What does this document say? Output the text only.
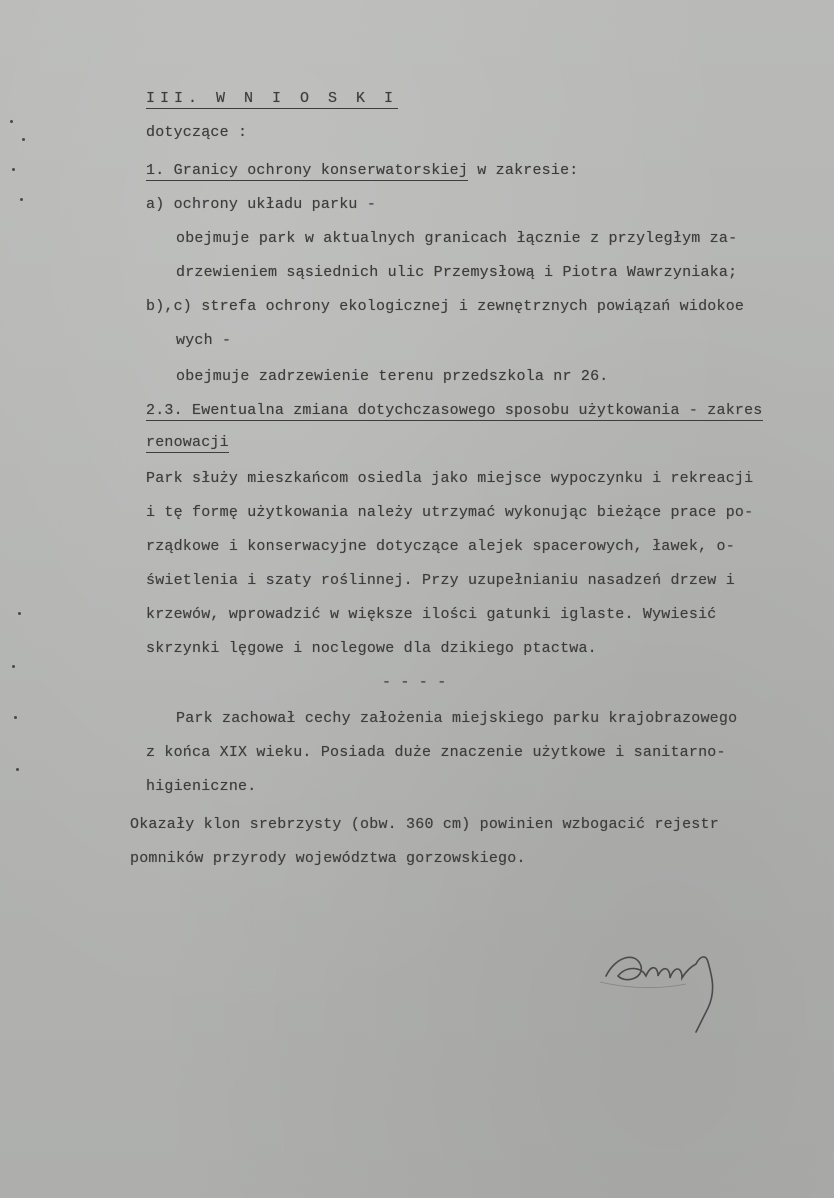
III. W N I O S K I
dotyczące :
1. Granicy ochrony konserwatorskiej w zakresie:
a) ochrony układu parku -
obejmuje park w aktualnych granicach łącznie z przyległym za-
drzewieniem sąsiednich ulic Przemysłową i Piotra Wawrzyniaka;
b),c) strefa ochrony ekologicznej i zewnętrznych powiązań widokoe
wych -
obejmuje zadrzewienie terenu przedszkola nr 26.
2.3. Ewentualna zmiana dotychczasowego sposobu użytkowania - zakres
renowacji
Park służy mieszkańcom osiedla jako miejsce wypoczynku i rekreacji
i tę formę użytkowania należy utrzymać wykonując bieżące prace po-
rządkowe i konserwacyjne dotyczące alejek spacerowych, ławek, o-
świetlenia i szaty roślinnej. Przy uzupełnianiu nasadzeń drzew i
krzewów, wprowadzić w większe ilości gatunki iglaste. Wywiesić
skrzynki lęgowe i noclegowe dla dzikiego ptactwa.
- - - -
Park zachował cechy założenia miejskiego parku krajobrazowego
z końca XIX wieku. Posiada duże znaczenie użytkowe i sanitarno-
higieniczne.
Okazały klon srebrzysty (obw. 360 cm) powinien wzbogacić rejestr
pomników przyrody województwa gorzowskiego.
